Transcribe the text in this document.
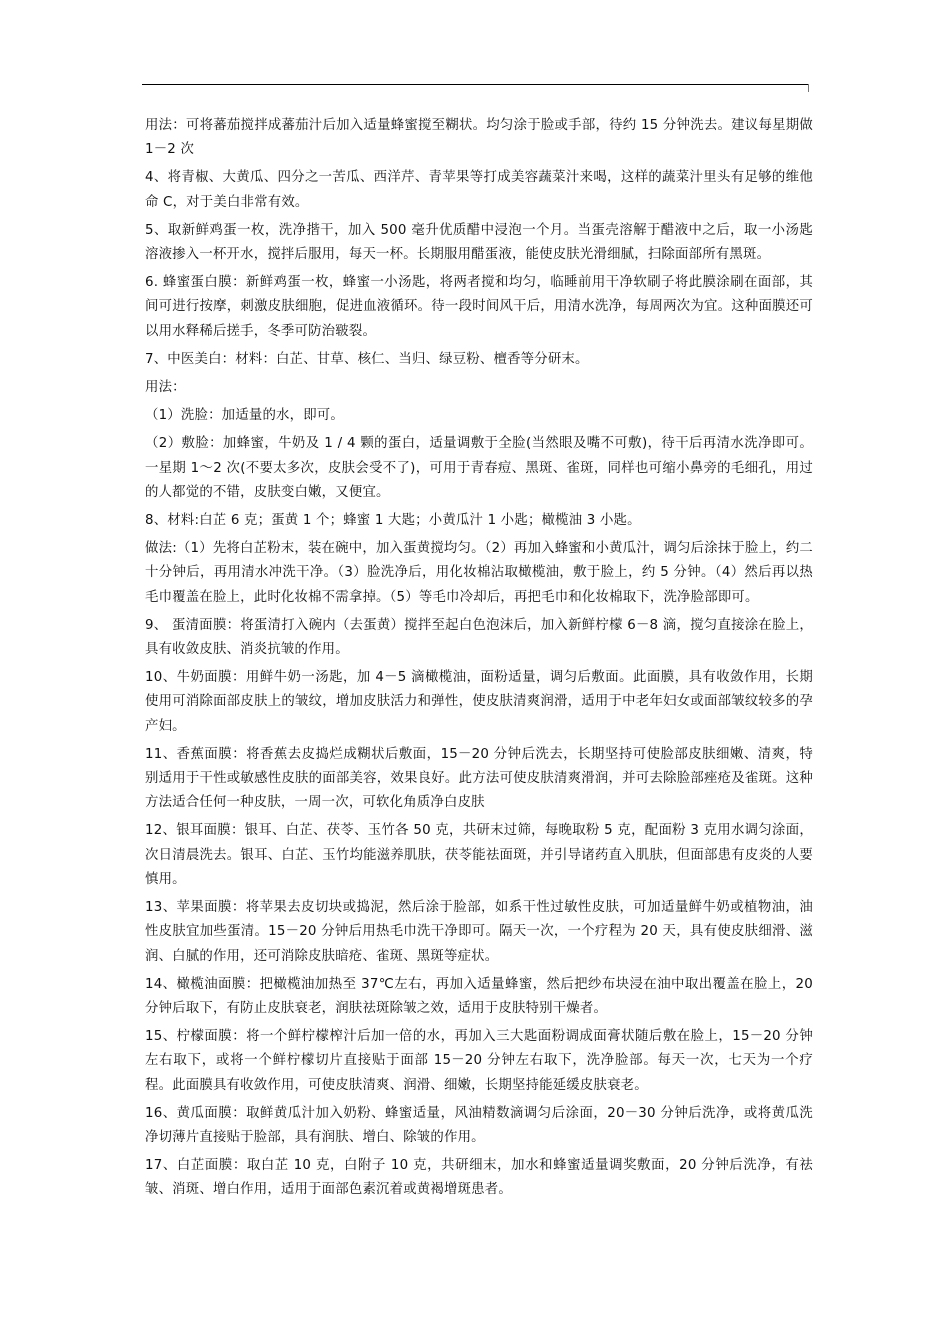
用法：可将蕃茄搅拌成蕃茄汁后加入适量蜂蜜搅至糊状。均匀涂于脸或手部，待约 15 分钟洗去。建议每星期做 1－2 次

4、将青椒、大黄瓜、四分之一苦瓜、西洋芹、青苹果等打成美容蔬菜汁来喝，这样的蔬菜汁里头有足够的维他命 C，对于美白非常有效。

5、取新鲜鸡蛋一枚，洗净揩干，加入 500 毫升优质醋中浸泡一个月。当蛋壳溶解于醋液中之后，取一小汤匙溶液掺入一杯开水，搅拌后服用，每天一杯。长期服用醋蛋液，能使皮肤光滑细腻，扫除面部所有黑斑。

6. 蜂蜜蛋白膜：新鲜鸡蛋一枚，蜂蜜一小汤匙，将两者搅和均匀，临睡前用干净软刷子将此膜涂刷在面部，其间可进行按摩，刺激皮肤细胞，促进血液循环。待一段时间风干后，用清水洗净，每周两次为宜。这种面膜还可以用水释稀后搓手，冬季可防治皲裂。

7、中医美白：材料：白芷、甘草、核仁、当归、绿豆粉、檀香等分研末。

用法：

（1）洗脸：加适量的水，即可。

（2）敷脸：加蜂蜜，牛奶及 1 / 4 颗的蛋白，适量调敷于全脸(当然眼及嘴不可敷)，待干后再清水洗净即可。一星期 1～2 次(不要太多次，皮肤会受不了)，可用于青春痘、黑斑、雀斑，同样也可缩小鼻旁的毛细孔，用过的人都觉的不错，皮肤变白嫩，又便宜。

8、材料:白芷 6 克；蛋黄 1 个；蜂蜜 1 大匙；小黄瓜汁 1 小匙；橄榄油 3 小匙。

做法:（1）先将白芷粉末，装在碗中，加入蛋黄搅均匀。（2）再加入蜂蜜和小黄瓜汁，调匀后涂抹于脸上，约二十分钟后，再用清水冲洗干净。（3）脸洗净后，用化妆棉沾取橄榄油，敷于脸上，约 5 分钟。（4）然后再以热毛巾覆盖在脸上，此时化妆棉不需拿掉。（5）等毛巾冷却后，再把毛巾和化妆棉取下，洗净脸部即可。

9、 蛋清面膜：将蛋清打入碗内（去蛋黄）搅拌至起白色泡沫后，加入新鲜柠檬 6－8 滴，搅匀直接涂在脸上，具有收敛皮肤、消炎抗皱的作用。

10、牛奶面膜：用鲜牛奶一汤匙，加 4－5 滴橄榄油，面粉适量，调匀后敷面。此面膜，具有收敛作用，长期使用可消除面部皮肤上的皱纹，增加皮肤活力和弹性，使皮肤清爽润滑，适用于中老年妇女或面部皱纹较多的孕产妇。

11、香蕉面膜：将香蕉去皮捣烂成糊状后敷面，15－20 分钟后洗去，长期坚持可使脸部皮肤细嫩、清爽，特别适用于干性或敏感性皮肤的面部美容，效果良好。此方法可使皮肤清爽滑润，并可去除脸部痤疮及雀斑。这种方法适合任何一种皮肤，一周一次，可软化角质净白皮肤

12、银耳面膜：银耳、白芷、茯苓、玉竹各 50 克，共研末过筛，每晚取粉 5 克，配面粉 3 克用水调匀涂面，次日清晨洗去。银耳、白芷、玉竹均能滋养肌肤，茯苓能祛面斑，并引导诸药直入肌肤，但面部患有皮炎的人要慎用。

13、苹果面膜：将苹果去皮切块或捣泥，然后涂于脸部，如系干性过敏性皮肤，可加适量鲜牛奶或植物油，油性皮肤宜加些蛋清。15－20 分钟后用热毛巾洗干净即可。隔天一次，一个疗程为 20 天，具有使皮肤细滑、滋润、白腻的作用，还可消除皮肤暗疮、雀斑、黑斑等症状。

14、橄榄油面膜：把橄榄油加热至 37℃左右，再加入适量蜂蜜，然后把纱布块浸在油中取出覆盖在脸上，20 分钟后取下，有防止皮肤衰老，润肤祛斑除皱之效，适用于皮肤特别干燥者。

15、柠檬面膜：将一个鲜柠檬榨汁后加一倍的水，再加入三大匙面粉调成面膏状随后敷在脸上，15－20 分钟左右取下，或将一个鲜柠檬切片直接贴于面部 15－20 分钟左右取下，洗净脸部。每天一次，七天为一个疗程。此面膜具有收敛作用，可使皮肤清爽、润滑、细嫩，长期坚持能延缓皮肤衰老。

16、黄瓜面膜：取鲜黄瓜汁加入奶粉、蜂蜜适量，风油精数滴调匀后涂面，20－30 分钟后洗净，或将黄瓜洗净切薄片直接贴于脸部，具有润肤、增白、除皱的作用。

17、白芷面膜：取白芷 10 克，白附子 10 克，共研细末，加水和蜂蜜适量调奖敷面，20 分钟后洗净，有祛皱、消斑、增白作用，适用于面部色素沉着或黄褐增斑患者。
